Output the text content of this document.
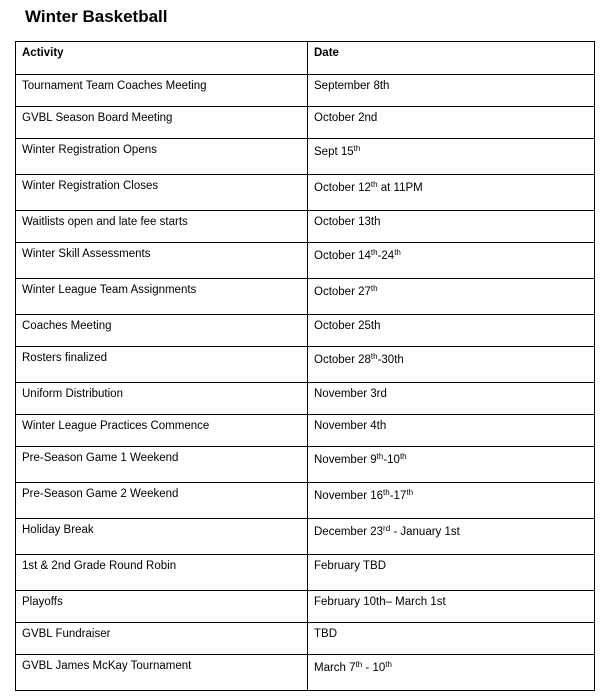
Winter Basketball
Activity	Date
Tournament Team Coaches Meeting	September 8th
GVBL Season Board Meeting	October 2nd
Winter Registration Opens	Sept 15th
Winter Registration Closes	October 12th at 11PM
Waitlists open and late fee starts	October 13th
Winter Skill Assessments	October 14th-24th
Winter League Team Assignments	October 27th
Coaches Meeting	October 25th
Rosters finalized	October 28th-30th
Uniform Distribution	November 3rd
Winter League Practices Commence	November 4th
Pre-Season Game 1 Weekend	November 9th-10th
Pre-Season Game 2 Weekend	November 16th-17th
Holiday Break	December 23rd - January 1st
1st & 2nd Grade Round Robin	February TBD
Playoffs	February 10th– March 1st
GVBL Fundraiser	TBD
GVBL James McKay Tournament	March 7th - 10th
